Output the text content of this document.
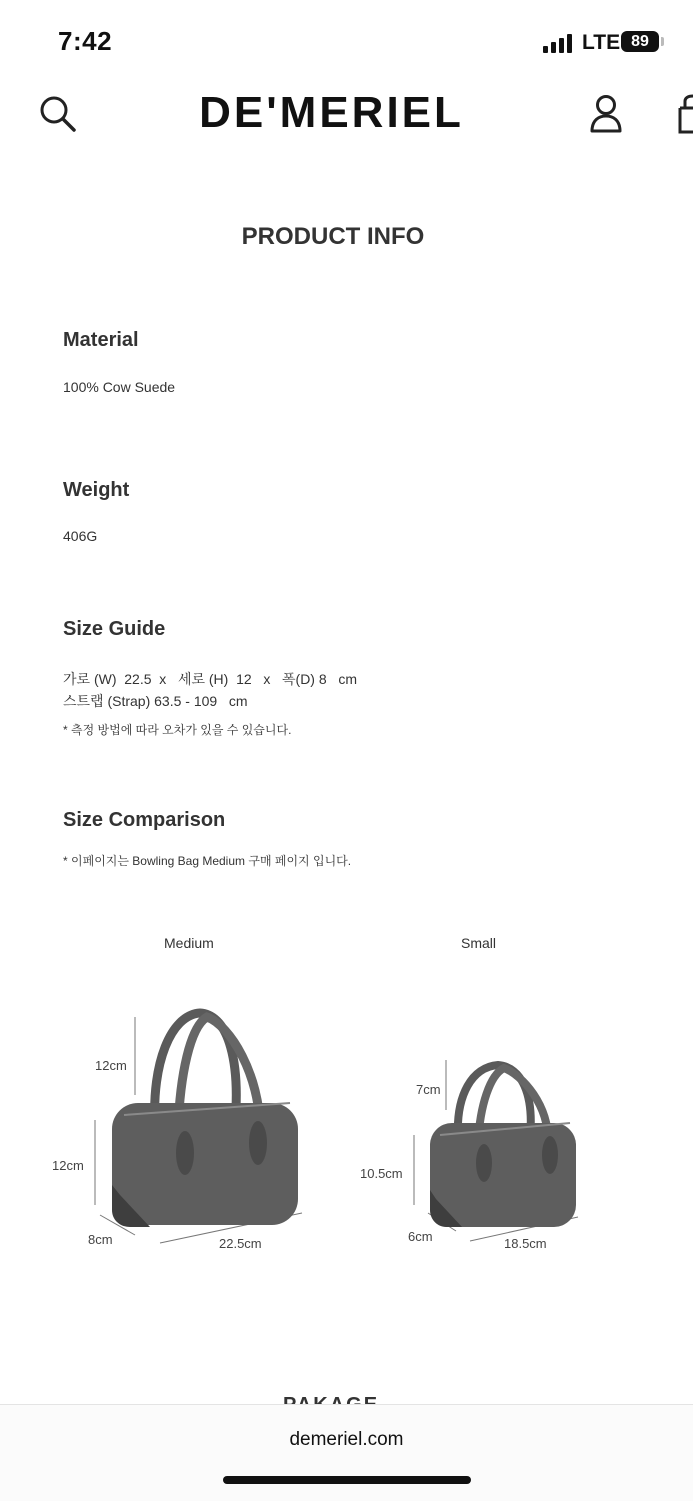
7:42	LTE 89
DE'MERIEL
PRODUCT INFO
Material
100% Cow Suede
Weight
406G
Size Guide
가로 (W)  22.5  x   세로 (H)  12   x   폭(D) 8   cm
스트랩 (Strap) 63.5 - 109   cm
* 측정 방법에 따라 오차가 있을 수 있습니다.
Size Comparison
* 이페이지는 Bowling Bag Medium 구매 페이지 입니다.
Medium	Small
12cm
12cm
8cm	22.5cm
7cm
10.5cm
6cm	18.5cm
demeriel.com
